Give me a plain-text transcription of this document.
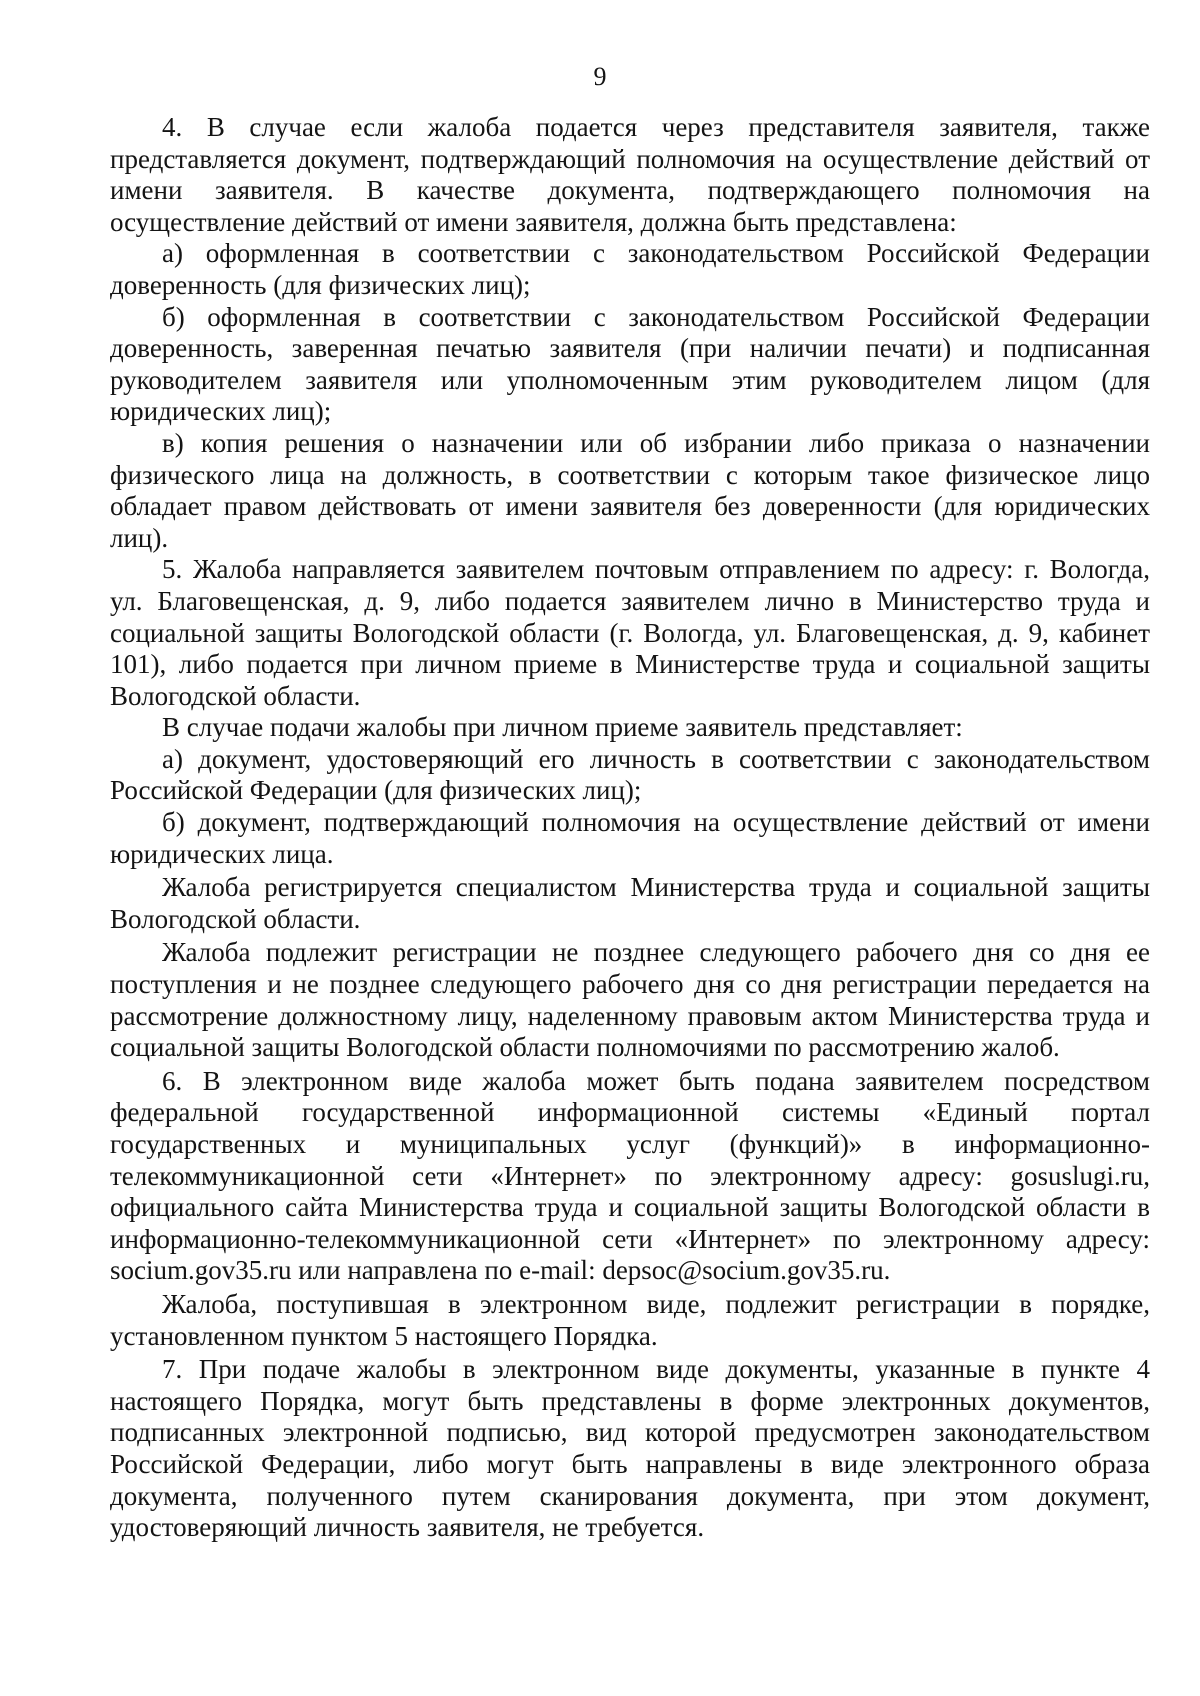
9

4. В случае если жалоба подается через представителя заявителя, также представляется документ, подтверждающий полномочия на осуществление действий от имени заявителя. В качестве документа, подтверждающего полномочия на осуществление действий от имени заявителя, должна быть представлена:

а) оформленная в соответствии с законодательством Российской Федерации доверенность (для физических лиц);

б) оформленная в соответствии с законодательством Российской Федерации доверенность, заверенная печатью заявителя (при наличии печати) и подписанная руководителем заявителя или уполномоченным этим руководителем лицом (для юридических лиц);

в) копия решения о назначении или об избрании либо приказа о назначении физического лица на должность, в соответствии с которым такое физическое лицо обладает правом действовать от имени заявителя без доверенности (для юридических лиц).

5. Жалоба направляется заявителем почтовым отправлением по адресу: г. Вологда, ул. Благовещенская, д. 9, либо подается заявителем лично в Министерство труда и социальной защиты Вологодской области (г. Вологда, ул. Благовещенская, д. 9, кабинет 101), либо подается при личном приеме в Министерстве труда и социальной защиты Вологодской области.

В случае подачи жалобы при личном приеме заявитель представляет:

а) документ, удостоверяющий его личность в соответствии с законодательством Российской Федерации (для физических лиц);

б) документ, подтверждающий полномочия на осуществление действий от имени юридических лица.

Жалоба регистрируется специалистом Министерства труда и социальной защиты Вологодской области.

Жалоба подлежит регистрации не позднее следующего рабочего дня со дня ее поступления и не позднее следующего рабочего дня со дня регистрации передается на рассмотрение должностному лицу, наделенному правовым актом Министерства труда и социальной защиты Вологодской области полномочиями по рассмотрению жалоб.

6. В электронном виде жалоба может быть подана заявителем посредством федеральной государственной информационной системы «Единый портал государственных и муниципальных услуг (функций)» в информационно-телекоммуникационной сети «Интернет» по электронному адресу: gosuslugi.ru, официального сайта Министерства труда и социальной защиты Вологодской области в информационно-телекоммуникационной сети «Интернет» по электронному адресу: socium.gov35.ru или направлена по e-mail: depsoc@socium.gov35.ru.

Жалоба, поступившая в электронном виде, подлежит регистрации в порядке, установленном пунктом 5 настоящего Порядка.

7. При подаче жалобы в электронном виде документы, указанные в пункте 4 настоящего Порядка, могут быть представлены в форме электронных документов, подписанных электронной подписью, вид которой предусмотрен законодательством Российской Федерации, либо могут быть направлены в виде электронного образа документа, полученного путем сканирования документа, при этом документ, удостоверяющий личность заявителя, не требуется.
